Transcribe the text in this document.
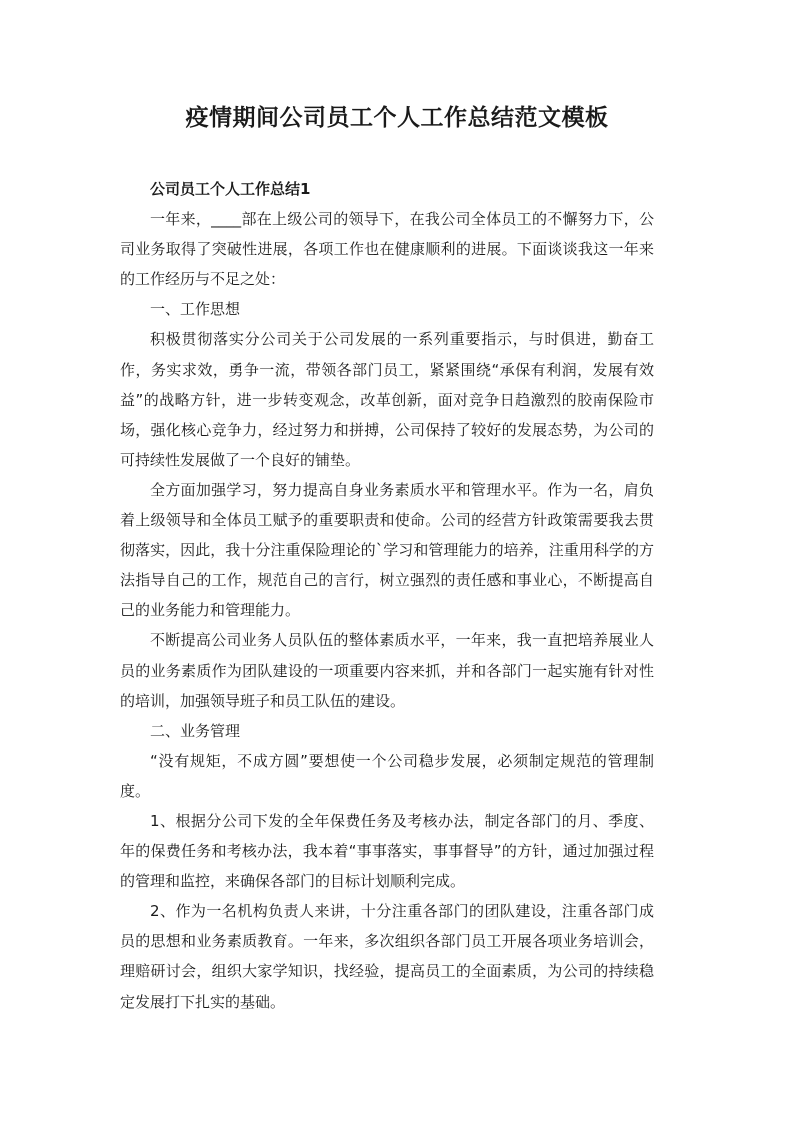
疫情期间公司员工个人工作总结范文模板

公司员工个人工作总结1

一年来，____部在上级公司的领导下，在我公司全体员工的不懈努力下，公司业务取得了突破性进展，各项工作也在健康顺利的进展。下面谈谈我这一年来的工作经历与不足之处：

一、工作思想

积极贯彻落实分公司关于公司发展的一系列重要指示，与时俱进，勤奋工作，务实求效，勇争一流，带领各部门员工，紧紧围绕“承保有利润，发展有效益”的战略方针，进一步转变观念，改革创新，面对竞争日趋激烈的胶南保险市场，强化核心竞争力，经过努力和拼搏，公司保持了较好的发展态势，为公司的可持续性发展做了一个良好的铺垫。

全方面加强学习，努力提高自身业务素质水平和管理水平。作为一名，肩负着上级领导和全体员工赋予的重要职责和使命。公司的经营方针政策需要我去贯彻落实，因此，我十分注重保险理论的`学习和管理能力的培养，注重用科学的方法指导自己的工作，规范自己的言行，树立强烈的责任感和事业心，不断提高自己的业务能力和管理能力。

不断提高公司业务人员队伍的整体素质水平，一年来，我一直把培养展业人员的业务素质作为团队建设的一项重要内容来抓，并和各部门一起实施有针对性的培训，加强领导班子和员工队伍的建设。

二、业务管理

“没有规矩，不成方圆”要想使一个公司稳步发展，必须制定规范的管理制度。

1、根据分公司下发的全年保费任务及考核办法，制定各部门的月、季度、年的保费任务和考核办法，我本着“事事落实，事事督导”的方针，通过加强过程的管理和监控，来确保各部门的目标计划顺利完成。

2、作为一名机构负责人来讲，十分注重各部门的团队建设，注重各部门成员的思想和业务素质教育。一年来，多次组织各部门员工开展各项业务培训会，理赔研讨会，组织大家学知识，找经验，提高员工的全面素质，为公司的持续稳定发展打下扎实的基础。
